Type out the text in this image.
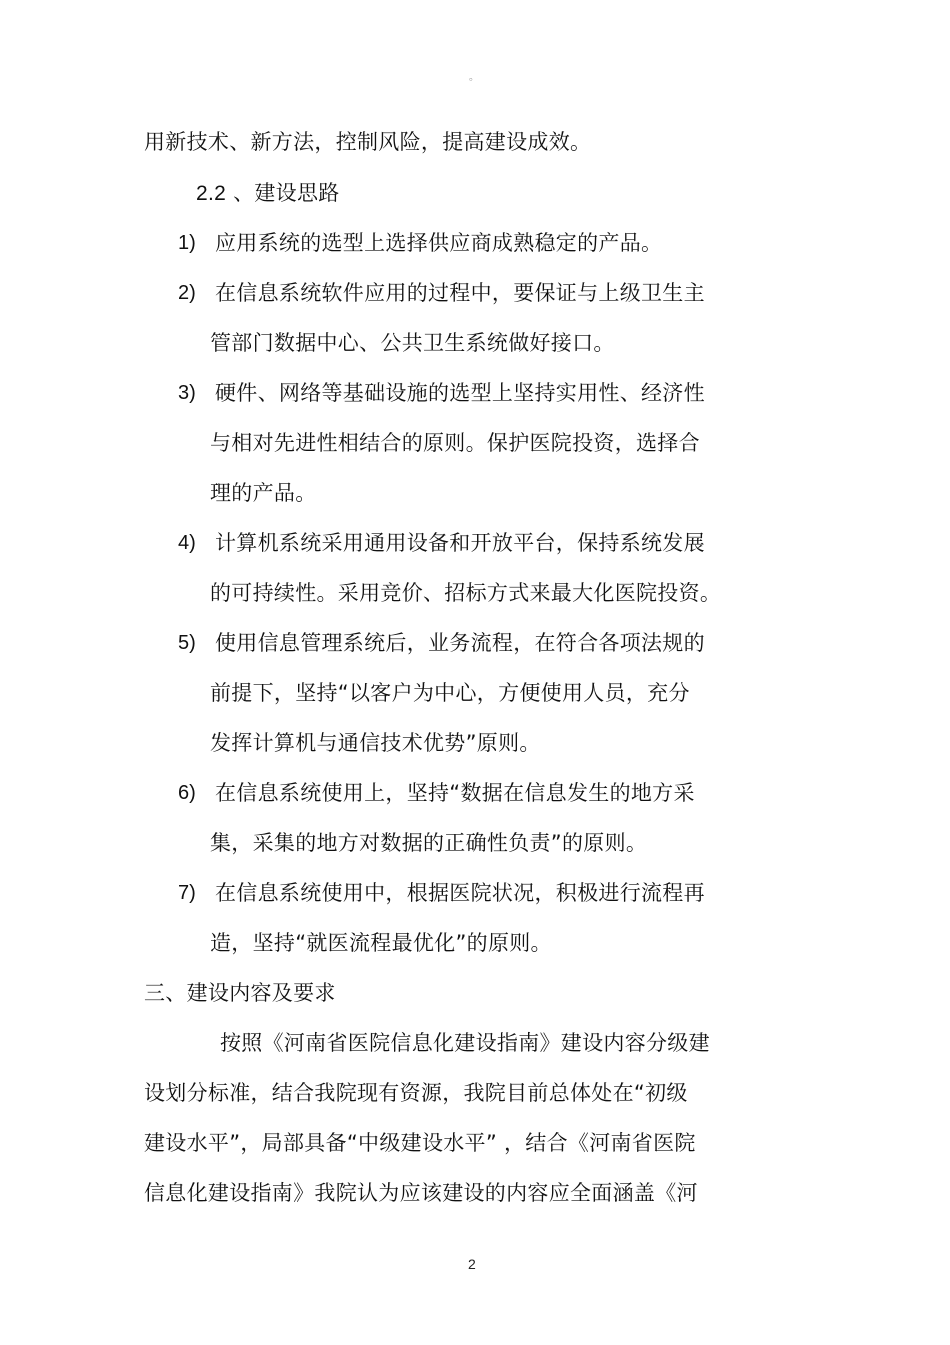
。
用新技术、新方法，控制风险，提高建设成效。
2.2 、建设思路
1) 应用系统的选型上选择供应商成熟稳定的产品。
2) 在信息系统软件应用的过程中，要保证与上级卫生主
管部门数据中心、公共卫生系统做好接口。
3) 硬件、网络等基础设施的选型上坚持实用性、经济性
与相对先进性相结合的原则。保护医院投资，选择合
理的产品。
4) 计算机系统采用通用设备和开放平台，保持系统发展
的可持续性。采用竞价、招标方式来最大化医院投资。
5) 使用信息管理系统后，业务流程，在符合各项法规的
前提下，坚持“以客户为中心，方便使用人员，充分
发挥计算机与通信技术优势”原则。
6) 在信息系统使用上，坚持“数据在信息发生的地方采
集，采集的地方对数据的正确性负责”的原则。
7) 在信息系统使用中，根据医院状况，积极进行流程再
造，坚持“就医流程最优化”的原则。
三、建设内容及要求
按照《河南省医院信息化建设指南》建设内容分级建
设划分标准，结合我院现有资源，我院目前总体处在“初级
建设水平”，局部具备“中级建设水平” ，结合《河南省医院
信息化建设指南》我院认为应该建设的内容应全面涵盖《河
2
